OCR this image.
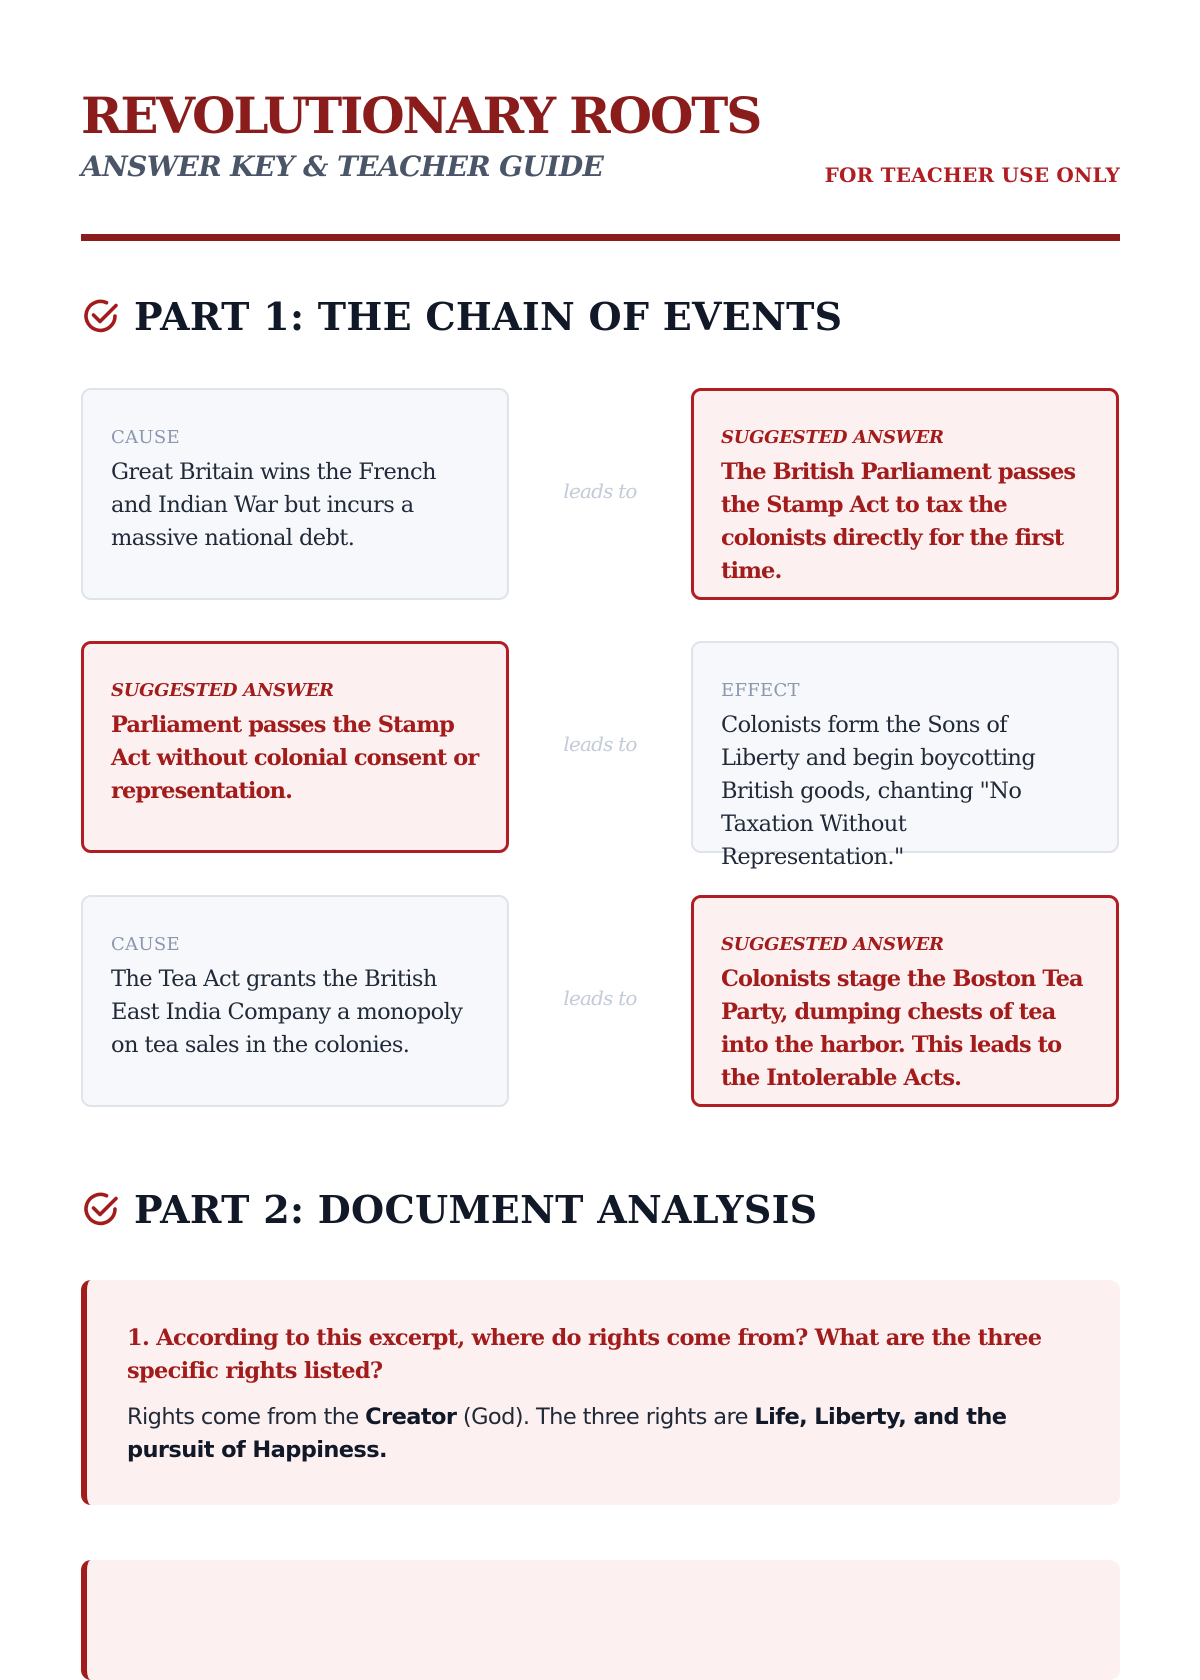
REVOLUTIONARY ROOTS
ANSWER KEY & TEACHER GUIDE	FOR TEACHER USE ONLY
PART 1: THE CHAIN OF EVENTS
CAUSE
Great Britain wins the French and Indian War but incurs a massive national debt.
leads to
SUGGESTED ANSWER
The British Parliament passes the Stamp Act to tax the colonists directly for the first time.
SUGGESTED ANSWER
Parliament passes the Stamp Act without colonial consent or representation.
leads to
EFFECT
Colonists form the Sons of Liberty and begin boycotting British goods, chanting "No Taxation Without Representation."
CAUSE
The Tea Act grants the British East India Company a monopoly on tea sales in the colonies.
leads to
SUGGESTED ANSWER
Colonists stage the Boston Tea Party, dumping chests of tea into the harbor. This leads to the Intolerable Acts.
PART 2: DOCUMENT ANALYSIS
1. According to this excerpt, where do rights come from? What are the three specific rights listed?
Rights come from the Creator (God). The three rights are Life, Liberty, and the pursuit of Happiness.
